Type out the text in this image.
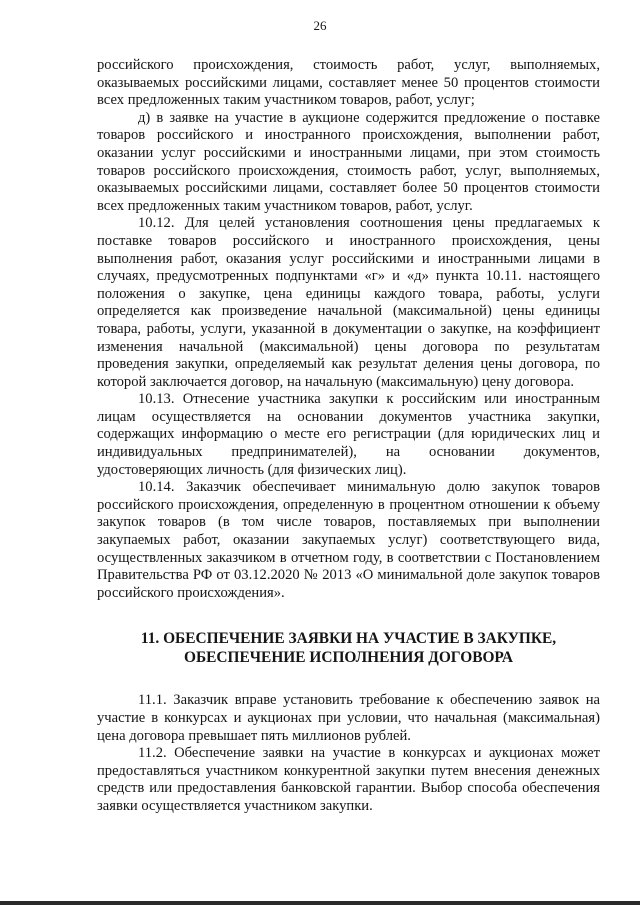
26

российского происхождения, стоимость работ, услуг, выполняемых, оказываемых российскими лицами, составляет менее 50 процентов стоимости всех предложенных таким участником товаров, работ, услуг;

д) в заявке на участие в аукционе содержится предложение о поставке товаров российского и иностранного происхождения, выполнении работ, оказании услуг российскими и иностранными лицами, при этом стоимость товаров российского происхождения, стоимость работ, услуг, выполняемых, оказываемых российскими лицами, составляет более 50 процентов стоимости всех предложенных таким участником товаров, работ, услуг.

10.12. Для целей установления соотношения цены предлагаемых к поставке товаров российского и иностранного происхождения, цены выполнения работ, оказания услуг российскими и иностранными лицами в случаях, предусмотренных подпунктами «г» и «д» пункта 10.11. настоящего положения о закупке, цена единицы каждого товара, работы, услуги определяется как произведение начальной (максимальной) цены единицы товара, работы, услуги, указанной в документации о закупке, на коэффициент изменения начальной (максимальной) цены договора по результатам проведения закупки, определяемый как результат деления цены договора, по которой заключается договор, на начальную (максимальную) цену договора.

10.13. Отнесение участника закупки к российским или иностранным лицам осуществляется на основании документов участника закупки, содержащих информацию о месте его регистрации (для юридических лиц и индивидуальных предпринимателей), на основании документов, удостоверяющих личность (для физических лиц).

10.14. Заказчик обеспечивает минимальную долю закупок товаров российского происхождения, определенную в процентном отношении к объему закупок товаров (в том числе товаров, поставляемых при выполнении закупаемых работ, оказании закупаемых услуг) соответствующего вида, осуществленных заказчиком в отчетном году, в соответствии с Постановлением Правительства РФ от 03.12.2020 № 2013 «О минимальной доле закупок товаров российского происхождения».

11. ОБЕСПЕЧЕНИЕ ЗАЯВКИ НА УЧАСТИЕ В ЗАКУПКЕ,
ОБЕСПЕЧЕНИЕ ИСПОЛНЕНИЯ ДОГОВОРА

11.1. Заказчик вправе установить требование к обеспечению заявок на участие в конкурсах и аукционах при условии, что начальная (максимальная) цена договора превышает пять миллионов рублей.

11.2. Обеспечение заявки на участие в конкурсах и аукционах может предоставляться участником конкурентной закупки путем внесения денежных средств или предоставления банковской гарантии. Выбор способа обеспечения заявки осуществляется участником закупки.
